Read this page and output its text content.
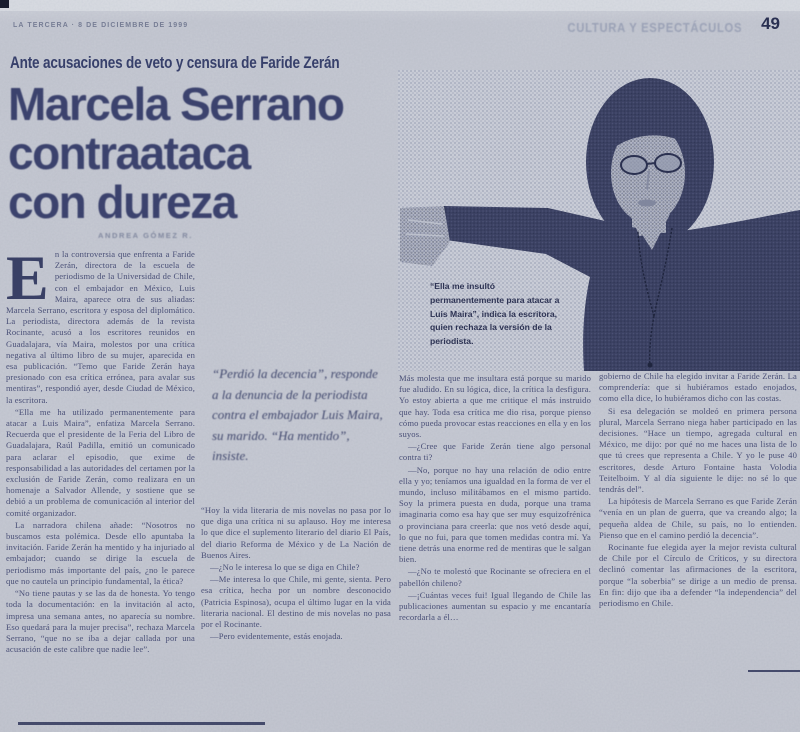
LA TERCERA · 8 DE DICIEMBRE DE 1999	CULTURA Y ESPECTÁCULOS 49
Ante acusaciones de veto y censura de Faride Zerán
Marcela Serrano
contraataca
con dureza
ANDREA GÓMEZ R.
“Ella me insultó permanentemente para atacar a Luis Maira”, indica la escritora, quien rechaza la versión de la periodista.
“Perdió la decencia”, responde a la denuncia de la periodista contra el embajador Luis Maira, su marido. “Ha mentido”, insiste.
E n la controversia que enfrenta a Faride Zerán, directora de la escuela de periodismo de la Universidad de Chile, con el embajador en México, Luis Maira, aparece otra de sus aliadas: Marcela Serrano, escritora y esposa del diplomático. La periodista, directora además de la revista Rocinante, acusó a los escritores reunidos en Guadalajara, vía Maira, molestos por una crítica negativa al último libro de su mujer, aparecida en esa publicación. “Temo que Faride Zerán haya presionado con esa crítica errónea, para avalar sus mentiras”, respondió ayer, desde Ciudad de México, la escritora.

“Ella me ha utilizado permanentemente para atacar a Luis Maira”, enfatiza Marcela Serrano. Recuerda que el presidente de la Feria del Libro de Guadalajara, Raúl Padilla, emitió un comunicado para aclarar el episodio, que exime de responsabilidad a las autoridades del certamen por la exclusión de Faride Zerán, como realizara en un homenaje a Salvador Allende, y sostiene que se debió a un problema de comunicación al interior del comité organizador.

La narradora chilena añade: “Nosotros no buscamos esta polémica. Desde ello apuntaba la invitación. Faride Zerán ha mentido y ha injuriado al embajador; cuando se dirige la escuela de periodismo más importante del país, ¿no le parece que no cautela un principio fundamental, la ética?

“No tiene pautas y se las da de honesta. Yo tengo toda la documentación: en la invitación al acto, impresa una semana antes, no aparecía su nombre. Eso quedará para la mujer precisa”, rechaza Marcela Serrano, “que no se iba a dejar callada por una acusación de este calibre que nadie lee”.

“Hoy la vida literaria de mis novelas no pasa por lo que diga una crítica ni su aplauso. Hoy me interesa lo que dice el suplemento literario del diario El País, del diario Reforma de México y de La Nación de Buenos Aires.

—¿No le interesa lo que se diga en Chile?

—Me interesa lo que Chile, mi gente, sienta. Pero esa crítica, hecha por un nombre desconocido (Patricia Espinosa), ocupa el último lugar en la vida literaria nacional. El destino de mis novelas no pasa por el Rocinante.

—Pero evidentemente, estás enojada.

Más molesta que me insultara está porque su marido fue aludido. En su lógica, dice, la crítica la desfigura. Yo estoy abierta a que me critique el más instruido que hay. Toda esa crítica me dio risa, porque pienso cómo pueda provocar estas reacciones en ella y en los suyos.

—¿Cree que Faride Zerán tiene algo personal contra ti?

—No, porque no hay una relación de odio entre ella y yo; teníamos una igualdad en la forma de ver el mundo, incluso militábamos en el mismo partido. Soy la primera puesta en duda, porque una trama imaginaria como esa hay que ser muy esquizofrénica o provinciana para creerla: que nos vetó desde aquí, lo que no fui, para que tomen medidas contra mí. Ya tiene detrás una enorme red de mentiras que le salgan bien.

—¿No te molestó que Rocinante se ofreciera en el pabellón chileno?

—¡Cuántas veces fui! Igual llegando de Chile las publicaciones aumentan su espacio y me encantaría recordarla a él…

gobierno de Chile ha elegido invitar a Faride Zerán. La comprendería: que si hubiéramos estado enojados, como ella dice, lo hubiéramos dicho con las costas.

Si esa delegación se moldeó en primera persona plural, Marcela Serrano niega haber participado en las decisiones. “Hace un tiempo, agregada cultural en México, me dijo: por qué no me haces una lista de lo que tú crees que representa a Chile. Y yo le puse 40 escritores, desde Arturo Fontaine hasta Volodia Teitelboim. Y al día siguiente le dije: no sé lo que tendrás del”.

La hipótesis de Marcela Serrano es que Faride Zerán “venía en un plan de guerra, que va creando algo; la pequeña aldea de Chile, su país, no lo entienden. Pienso que en el camino perdió la decencia”.

Rocinante fue elegida ayer la mejor revista cultural de Chile por el Círculo de Críticos, y su directora declinó comentar las afirmaciones de la escritora, porque “la soberbia” se dirige a un medio de prensa. En fin: dijo que iba a defender “la independencia” del periodismo en Chile.
